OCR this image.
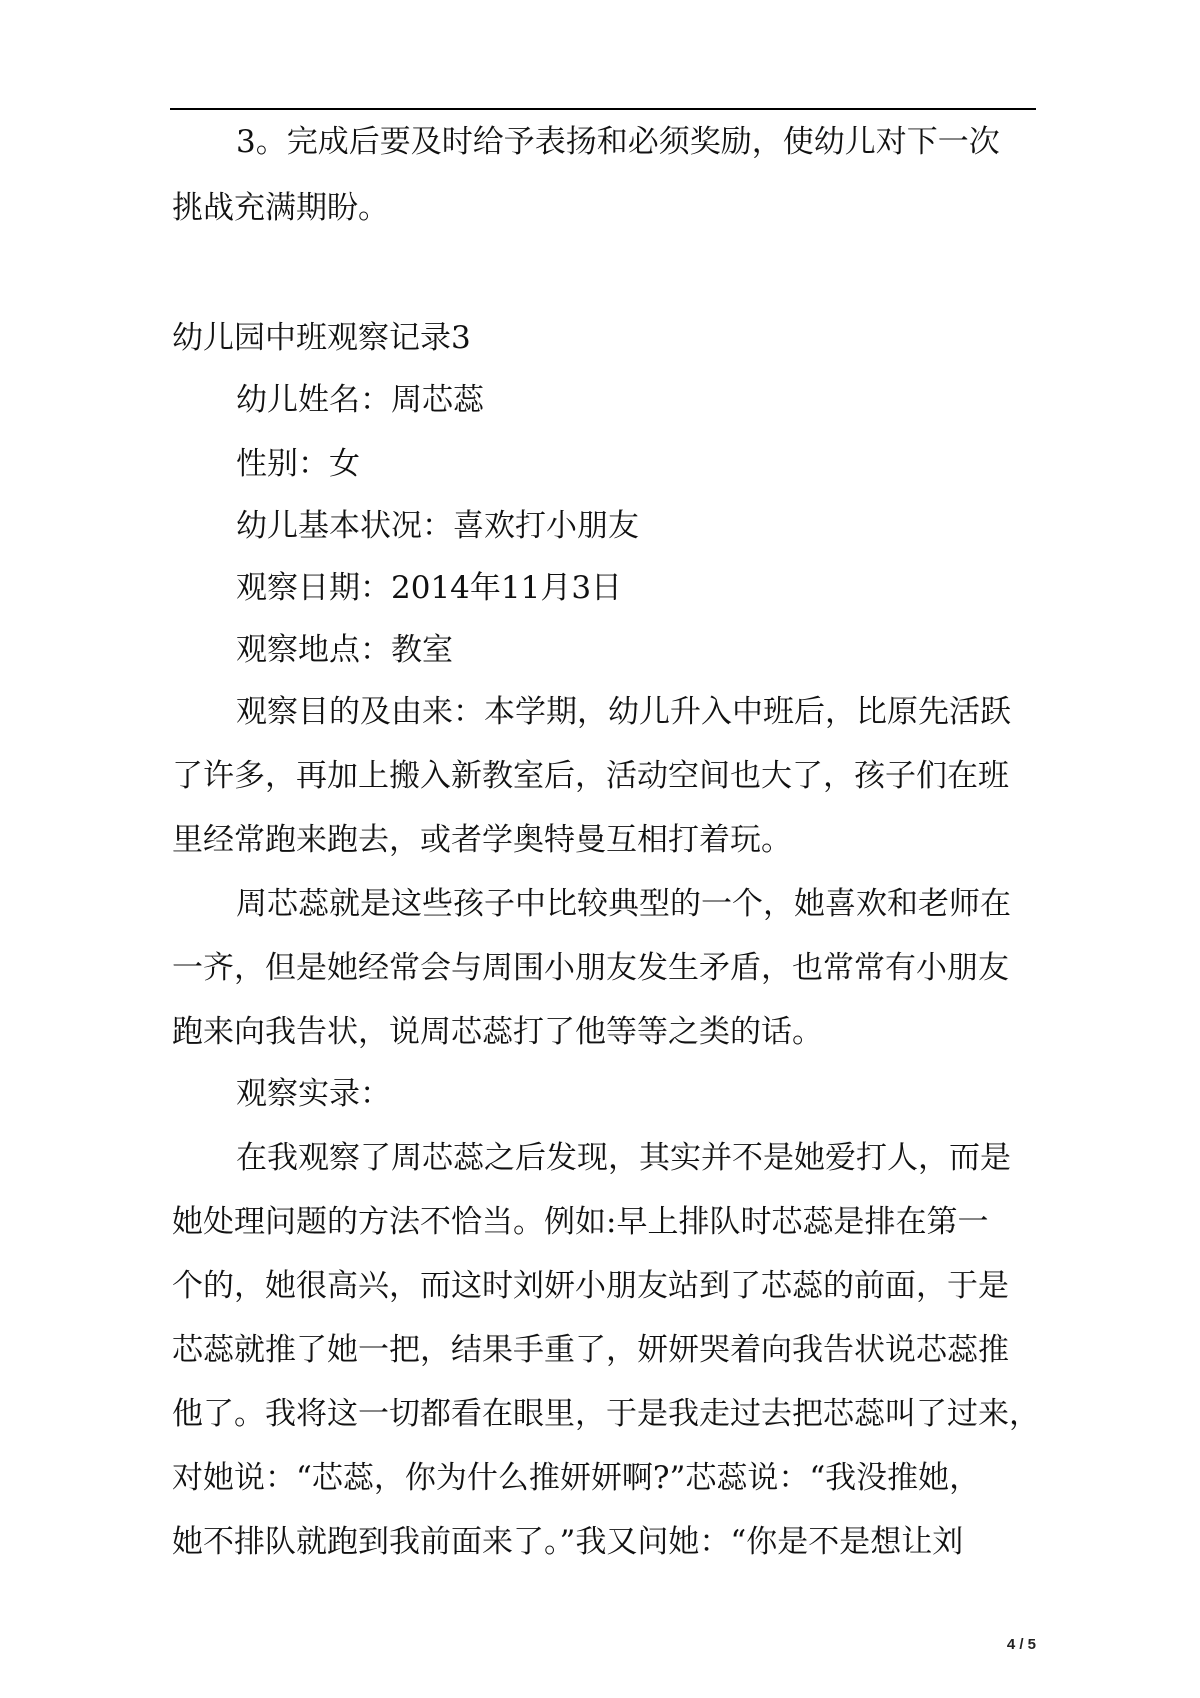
3。完成后要及时给予表扬和必须奖励，使幼儿对下一次
挑战充满期盼。
幼儿园中班观察记录3
幼儿姓名：周芯蕊
性别：女
幼儿基本状况：喜欢打小朋友
观察日期：2014年11月3日
观察地点：教室
观察目的及由来：本学期，幼儿升入中班后，比原先活跃
了许多，再加上搬入新教室后，活动空间也大了，孩子们在班
里经常跑来跑去，或者学奥特曼互相打着玩。
周芯蕊就是这些孩子中比较典型的一个，她喜欢和老师在
一齐，但是她经常会与周围小朋友发生矛盾，也常常有小朋友
跑来向我告状，说周芯蕊打了他等等之类的话。
观察实录：
在我观察了周芯蕊之后发现，其实并不是她爱打人，而是
她处理问题的方法不恰当。例如:早上排队时芯蕊是排在第一
个的，她很高兴，而这时刘妍小朋友站到了芯蕊的前面，于是
芯蕊就推了她一把，结果手重了，妍妍哭着向我告状说芯蕊推
他了。我将这一切都看在眼里，于是我走过去把芯蕊叫了过来，
对她说：“芯蕊，你为什么推妍妍啊?”芯蕊说：“我没推她，
她不排队就跑到我前面来了。”我又问她：“你是不是想让刘
4 / 5
